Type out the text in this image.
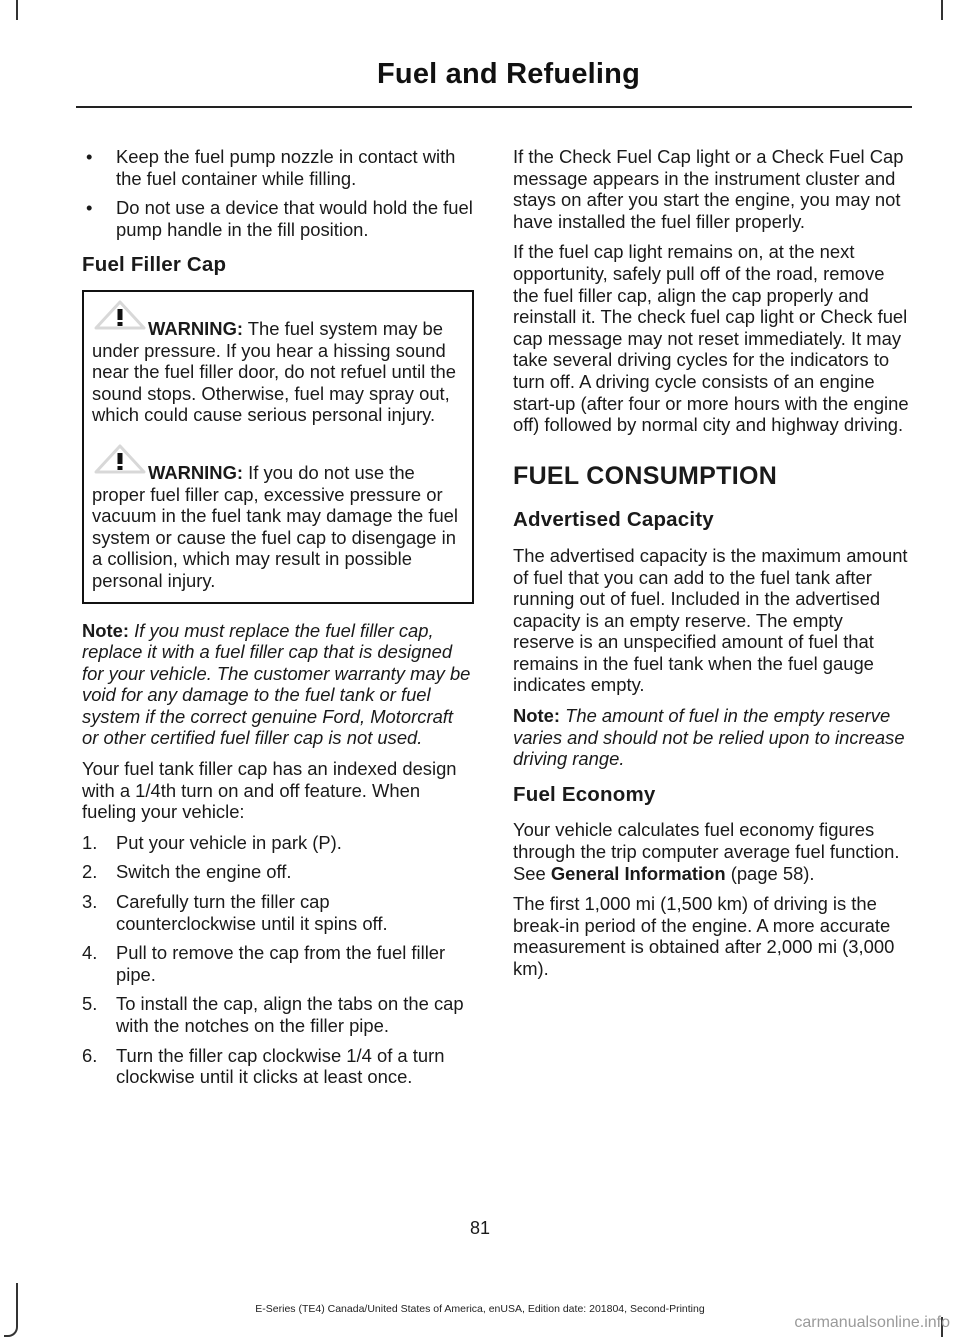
Fuel and Refueling
• Keep the fuel pump nozzle in contact with the fuel container while filling.
• Do not use a device that would hold the fuel pump handle in the fill position.
Fuel Filler Cap

WARNING: The fuel system may be under pressure. If you hear a hissing sound near the fuel filler door, do not refuel until the sound stops. Otherwise, fuel may spray out, which could cause serious personal injury.

WARNING: If you do not use the proper fuel filler cap, excessive pressure or vacuum in the fuel tank may damage the fuel system or cause the fuel cap to disengage in a collision, which may result in possible personal injury.

Note: If you must replace the fuel filler cap, replace it with a fuel filler cap that is designed for your vehicle. The customer warranty may be void for any damage to the fuel tank or fuel system if the correct genuine Ford, Motorcraft or other certified fuel filler cap is not used.

Your fuel tank filler cap has an indexed design with a 1/4th turn on and off feature. When fueling your vehicle:

1. Put your vehicle in park (P).
2. Switch the engine off.
3. Carefully turn the filler cap counterclockwise until it spins off.
4. Pull to remove the cap from the fuel filler pipe.
5. To install the cap, align the tabs on the cap with the notches on the filler pipe.
6. Turn the filler cap clockwise 1/4 of a turn clockwise until it clicks at least once.

If the Check Fuel Cap light or a Check Fuel Cap message appears in the instrument cluster and stays on after you start the engine, you may not have installed the fuel filler properly.

If the fuel cap light remains on, at the next opportunity, safely pull off of the road, remove the fuel filler cap, align the cap properly and reinstall it. The check fuel cap light or Check fuel cap message may not reset immediately. It may take several driving cycles for the indicators to turn off. A driving cycle consists of an engine start-up (after four or more hours with the engine off) followed by normal city and highway driving.

FUEL CONSUMPTION
Advertised Capacity

The advertised capacity is the maximum amount of fuel that you can add to the fuel tank after running out of fuel. Included in the advertised capacity is an empty reserve. The empty reserve is an unspecified amount of fuel that remains in the fuel tank when the fuel gauge indicates empty.

Note: The amount of fuel in the empty reserve varies and should not be relied upon to increase driving range.

Fuel Economy

Your vehicle calculates fuel economy figures through the trip computer average fuel function. See General Information (page 58).

The first 1,000 mi (1,500 km) of driving is the break-in period of the engine. A more accurate measurement is obtained after 2,000 mi (3,000 km).

81
E-Series (TE4) Canada/United States of America, enUSA, Edition date: 201804, Second-Printing
carmanualsonline.info
